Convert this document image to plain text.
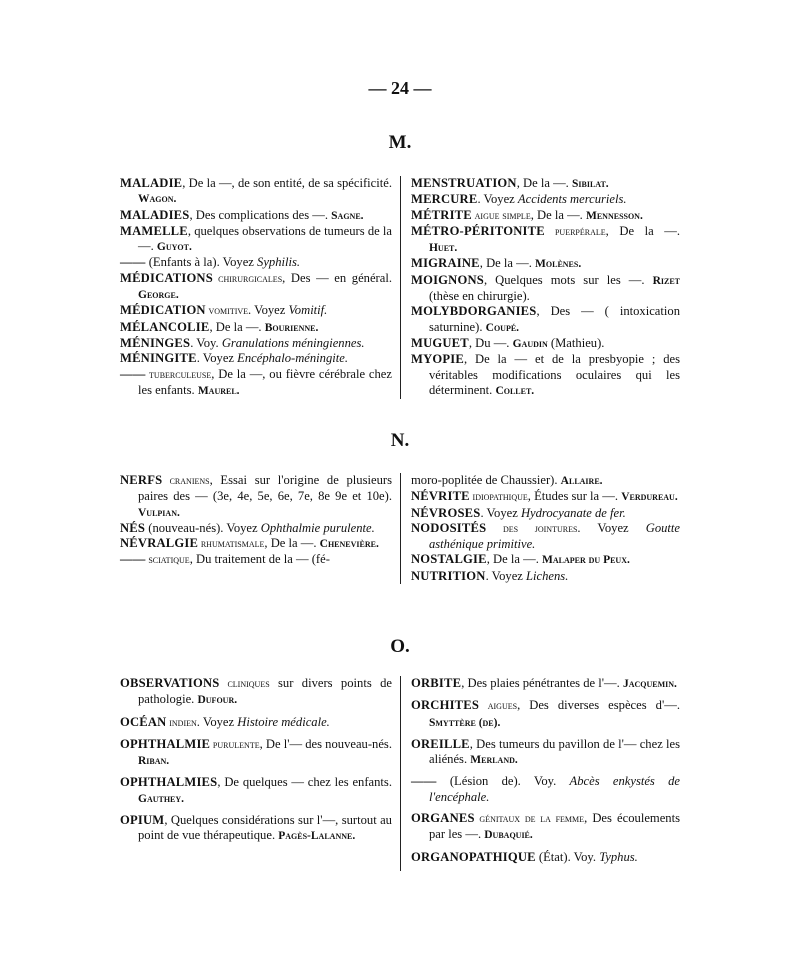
— 24 —
M.

MALADIE, De la —, de son entité, de sa spécificité. Wagon.

MALADIES, Des complications des —. Sagne.

MAMELLE, quelques observations de tumeurs de la —. Guyot.

—— (Enfants à la). Voyez Syphilis.

MÉDICATIONS chirurgicales, Des — en général. George.

MÉDICATION vomitive. Voyez Vomitif.

MÉLANCOLIE, De la —. Bourienne.

MÉNINGES. Voy. Granulations méningiennes.

MÉNINGITE. Voyez Encéphalo-méningite.

—— tuberculeuse, De la —, ou fièvre cérébrale chez les enfants. Maurel.

MENSTRUATION, De la —. Sibilat.

MERCURE. Voyez Accidents mercuriels.

MÉTRITE aigue simple, De la —. Mennesson.

MÉTRO-PÉRITONITE puerpérale, De la —. Huet.

MIGRAINE, De la —. Molènes.

MOIGNONS, Quelques mots sur les —. Rizet (thèse en chirurgie).

MOLYBDORGANIES, Des — ( intoxication saturnine). Coupé.

MUGUET, Du —. Gaudin (Mathieu).

MYOPIE, De la — et de la presbyopie ; des véritables modifications oculaires qui les déterminent. Collet.

N.

NERFS craniens, Essai sur l'origine de plusieurs paires des — (3e, 4e, 5e, 6e, 7e, 8e 9e et 10e). Vulpian.

NÉS (nouveau-nés). Voyez Ophthalmie purulente.

NÉVRALGIE rhumatismale, De la —. Chenevière.

—— sciatique, Du traitement de la — (fé-

moro-poplitée de Chaussier). Allaire.

NÉVRITE idiopathique, Études sur la —. Verdureau.

NÉVROSES. Voyez Hydrocyanate de fer.

NODOSITÉS des jointures. Voyez Goutte asthénique primitive.

NOSTALGIE, De la —. Malaper du Peux.

NUTRITION. Voyez Lichens.

O.

OBSERVATIONS cliniques sur divers points de pathologie. Dufour.

OCÉAN indien. Voyez Histoire médicale.

OPHTHALMIE purulente, De l'— des nouveau-nés. Riban.

OPHTHALMIES, De quelques — chez les enfants. Gauthey.

OPIUM, Quelques considérations sur l'—, surtout au point de vue thérapeutique. Pagès-Lalanne.

ORBITE, Des plaies pénétrantes de l'—. Jacquemin.

ORCHITES aigues, Des diverses espèces d'—. Smyttère (de).

OREILLE, Des tumeurs du pavillon de l'— chez les aliénés. Merland.

—— (Lésion de). Voy. Abcès enkystés de l'encéphale.

ORGANES génitaux de la femme, Des écoulements par les —. Dubaquié.

ORGANOPATHIQUE (État). Voy. Typhus.
